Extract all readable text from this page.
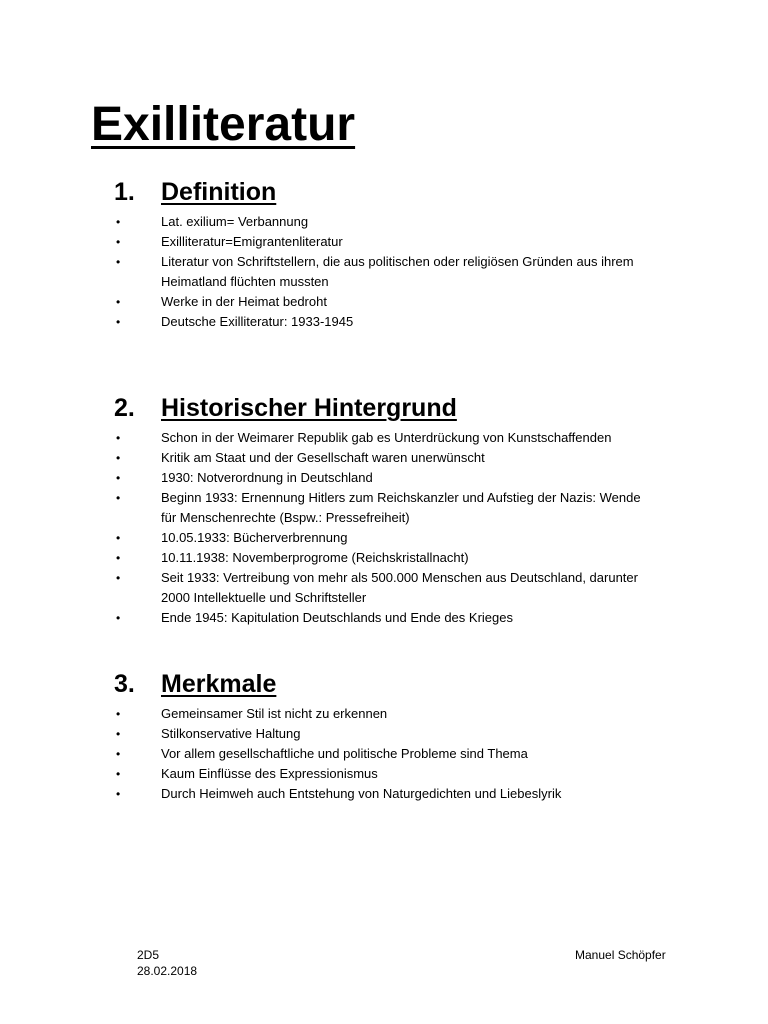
Exilliteratur
1. Definition
•	Lat. exilium= Verbannung
•	Exilliteratur=Emigrantenliteratur
•	Literatur von Schriftstellern, die aus politischen oder religiösen Gründen aus ihrem Heimatland flüchten mussten
•	Werke in der Heimat bedroht
•	Deutsche Exilliteratur: 1933-1945
2. Historischer Hintergrund
•	Schon in der Weimarer Republik gab es Unterdrückung von Kunstschaffenden
•	Kritik am Staat und der Gesellschaft waren unerwünscht
•	1930: Notverordnung in Deutschland
•	Beginn 1933: Ernennung Hitlers zum Reichskanzler und Aufstieg der Nazis: Wende für Menschenrechte (Bspw.: Pressefreiheit)
•	10.05.1933: Bücherverbrennung
•	10.11.1938: Novemberprogrome (Reichskristallnacht)
•	Seit 1933: Vertreibung von mehr als 500.000 Menschen aus Deutschland, darunter 2000 Intellektuelle und Schriftsteller
•	Ende 1945: Kapitulation Deutschlands und Ende des Krieges
3. Merkmale
•	Gemeinsamer Stil ist nicht zu erkennen
•	Stilkonservative Haltung
•	Vor allem gesellschaftliche und politische Probleme sind Thema
•	Kaum Einflüsse des Expressionismus
•	Durch Heimweh auch Entstehung von Naturgedichten und Liebeslyrik
2D5
28.02.2018
Manuel Schöpfer
